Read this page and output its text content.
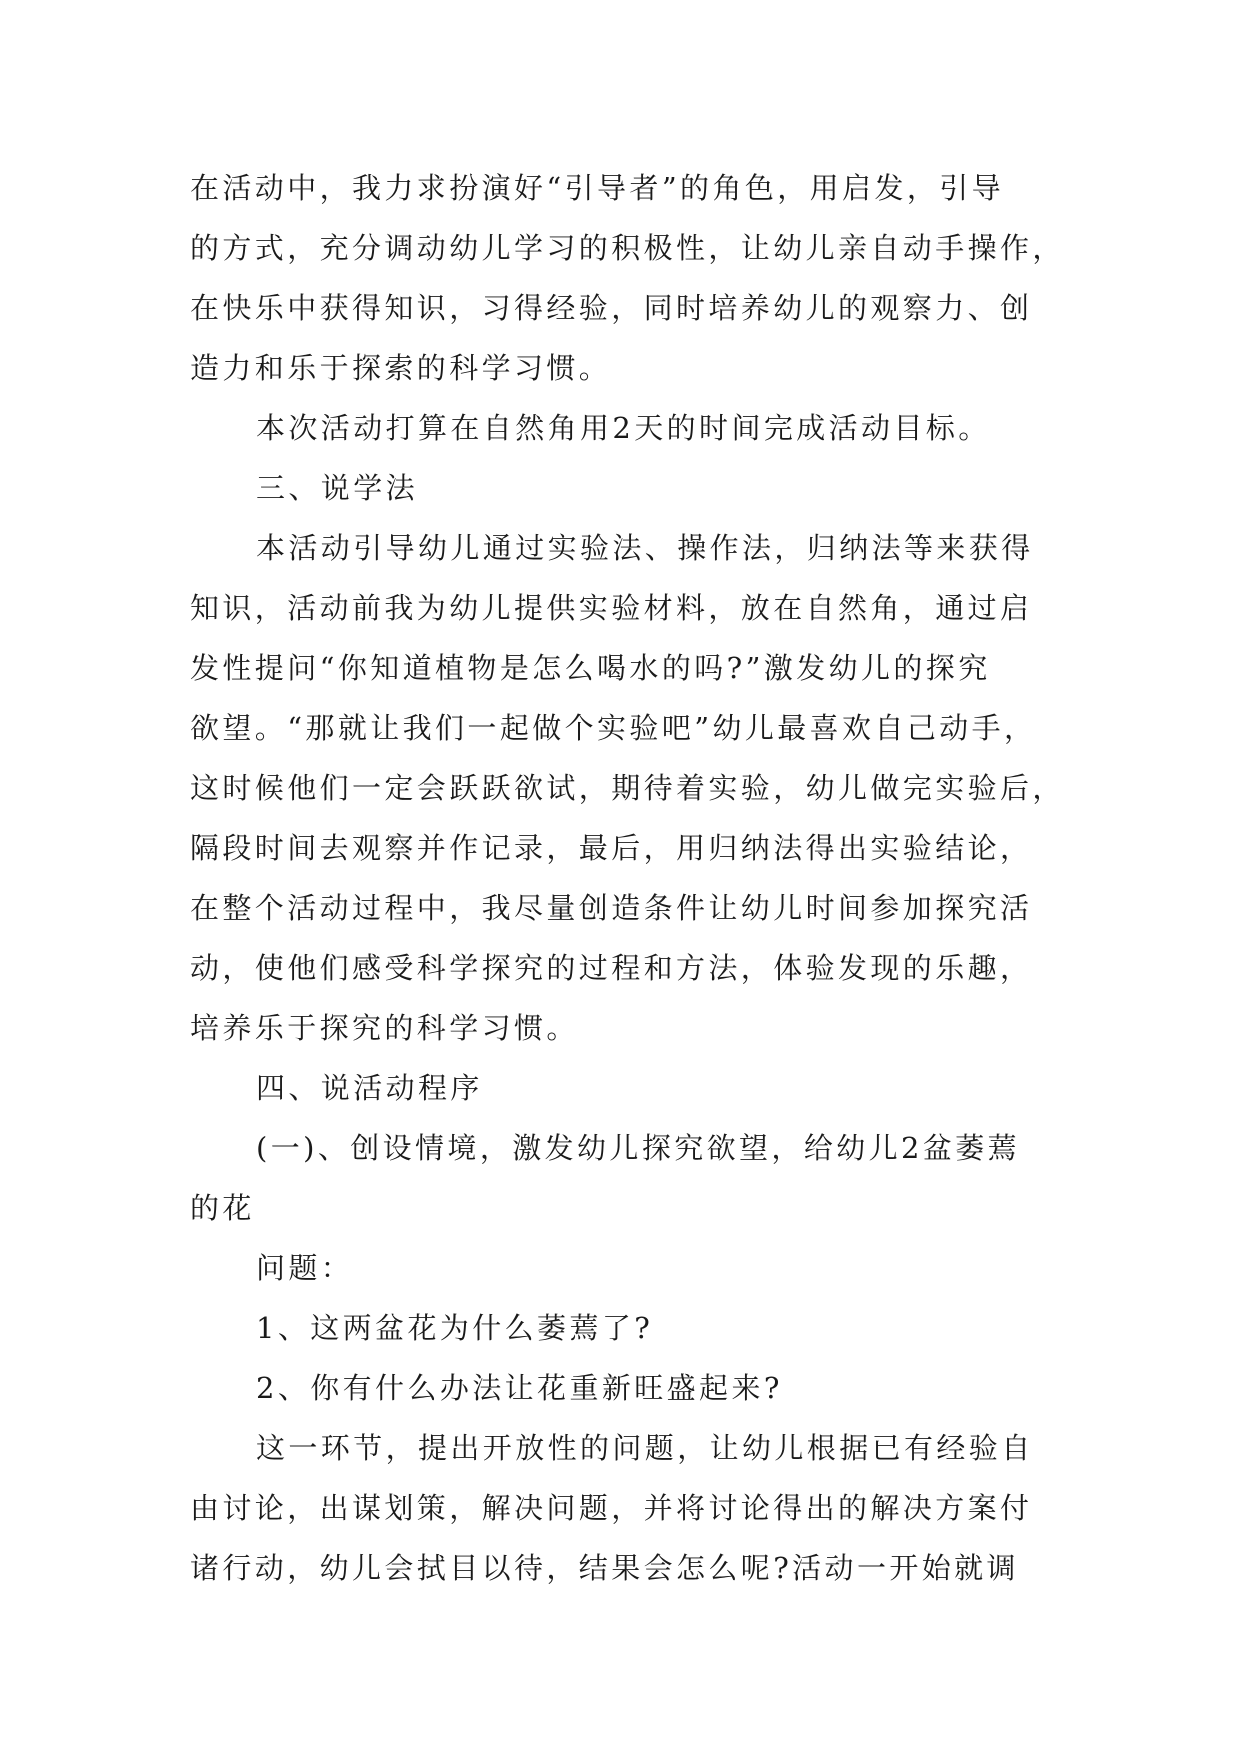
在活动中，我力求扮演好“引导者”的角色，用启发，引导
的方式，充分调动幼儿学习的积极性，让幼儿亲自动手操作，
在快乐中获得知识，习得经验，同时培养幼儿的观察力、创
造力和乐于探索的科学习惯。

本次活动打算在自然角用2天的时间完成活动目标。

三、说学法

本活动引导幼儿通过实验法、操作法，归纳法等来获得
知识，活动前我为幼儿提供实验材料，放在自然角，通过启
发性提问“你知道植物是怎么喝水的吗?”激发幼儿的探究
欲望。“那就让我们一起做个实验吧”幼儿最喜欢自己动手，
这时候他们一定会跃跃欲试，期待着实验，幼儿做完实验后，
隔段时间去观察并作记录，最后，用归纳法得出实验结论，
在整个活动过程中，我尽量创造条件让幼儿时间参加探究活
动，使他们感受科学探究的过程和方法，体验发现的乐趣，
培养乐于探究的科学习惯。

四、说活动程序

(一)、创设情境，激发幼儿探究欲望，给幼儿2盆萎蔫
的花

问题：

1、这两盆花为什么萎蔫了?

2、你有什么办法让花重新旺盛起来?

这一环节，提出开放性的问题，让幼儿根据已有经验自
由讨论，出谋划策，解决问题，并将讨论得出的解决方案付
诸行动，幼儿会拭目以待，结果会怎么呢?活动一开始就调
